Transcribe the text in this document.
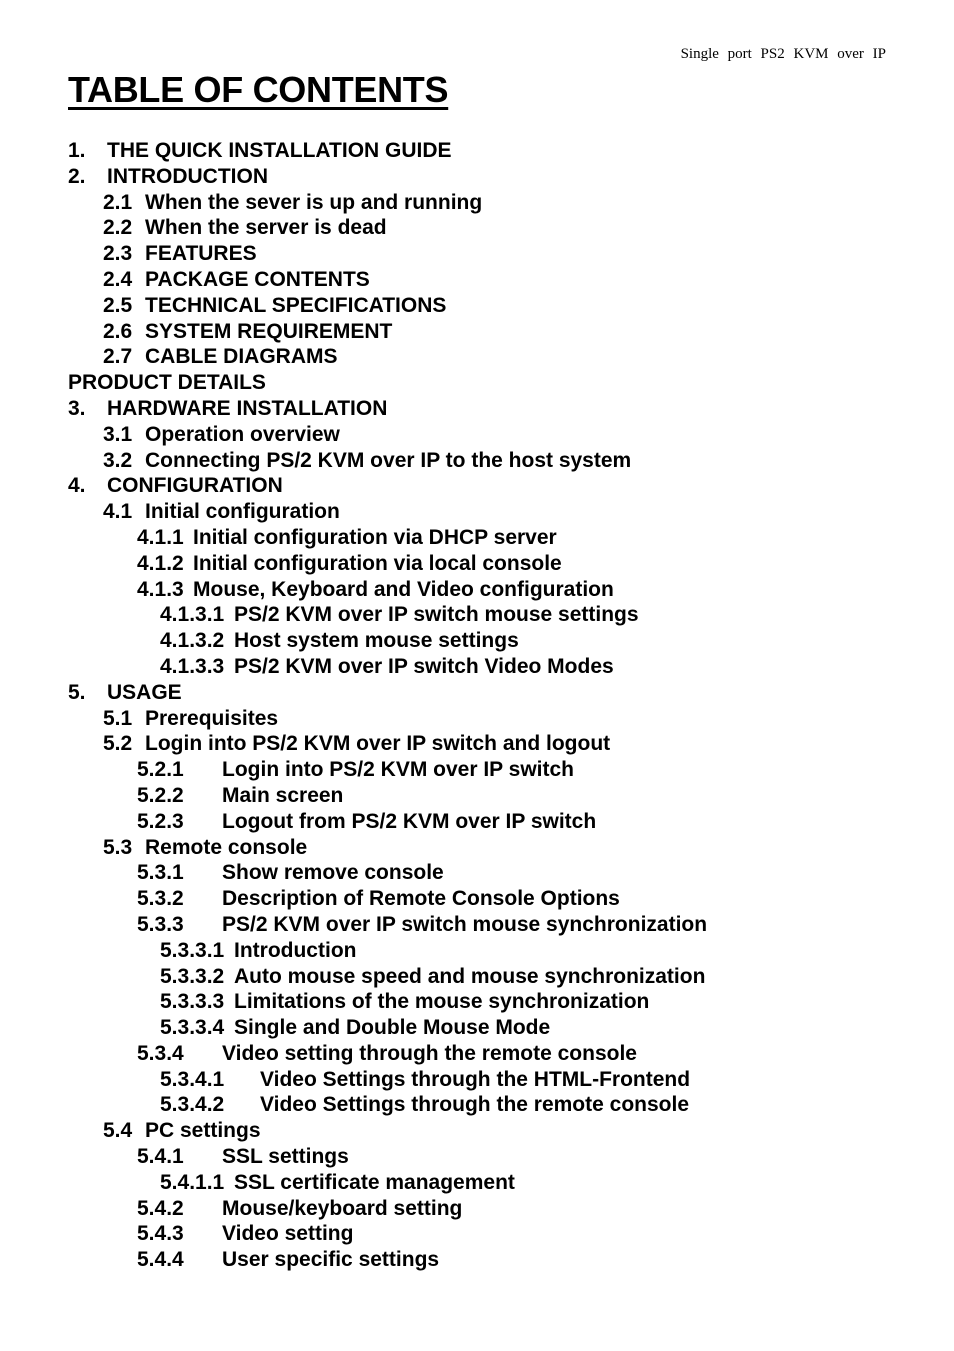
Single port PS2 KVM over IP
TABLE OF CONTENTS
1. THE QUICK INSTALLATION GUIDE
2. INTRODUCTION
2.1 When the sever is up and running
2.2 When the server is dead
2.3 FEATURES
2.4 PACKAGE CONTENTS
2.5 TECHNICAL SPECIFICATIONS
2.6 SYSTEM REQUIREMENT
2.7 CABLE DIAGRAMS
PRODUCT DETAILS
3. HARDWARE INSTALLATION
3.1 Operation overview
3.2 Connecting PS/2 KVM over IP to the host system
4. CONFIGURATION
4.1 Initial configuration
4.1.1 Initial configuration via DHCP server
4.1.2 Initial configuration via local console
4.1.3 Mouse, Keyboard and Video configuration
4.1.3.1 PS/2 KVM over IP switch mouse settings
4.1.3.2 Host system mouse settings
4.1.3.3 PS/2 KVM over IP switch Video Modes
5. USAGE
5.1 Prerequisites
5.2 Login into PS/2 KVM over IP switch and logout
5.2.1 Login into PS/2 KVM over IP switch
5.2.2 Main screen
5.2.3 Logout from PS/2 KVM over IP switch
5.3 Remote console
5.3.1 Show remove console
5.3.2 Description of Remote Console Options
5.3.3 PS/2 KVM over IP switch mouse synchronization
5.3.3.1 Introduction
5.3.3.2 Auto mouse speed and mouse synchronization
5.3.3.3 Limitations of the mouse synchronization
5.3.3.4 Single and Double Mouse Mode
5.3.4 Video setting through the remote console
5.3.4.1 Video Settings through the HTML-Frontend
5.3.4.2 Video Settings through the remote console
5.4 PC settings
5.4.1 SSL settings
5.4.1.1 SSL certificate management
5.4.2 Mouse/keyboard setting
5.4.3 Video setting
5.4.4 User specific settings
